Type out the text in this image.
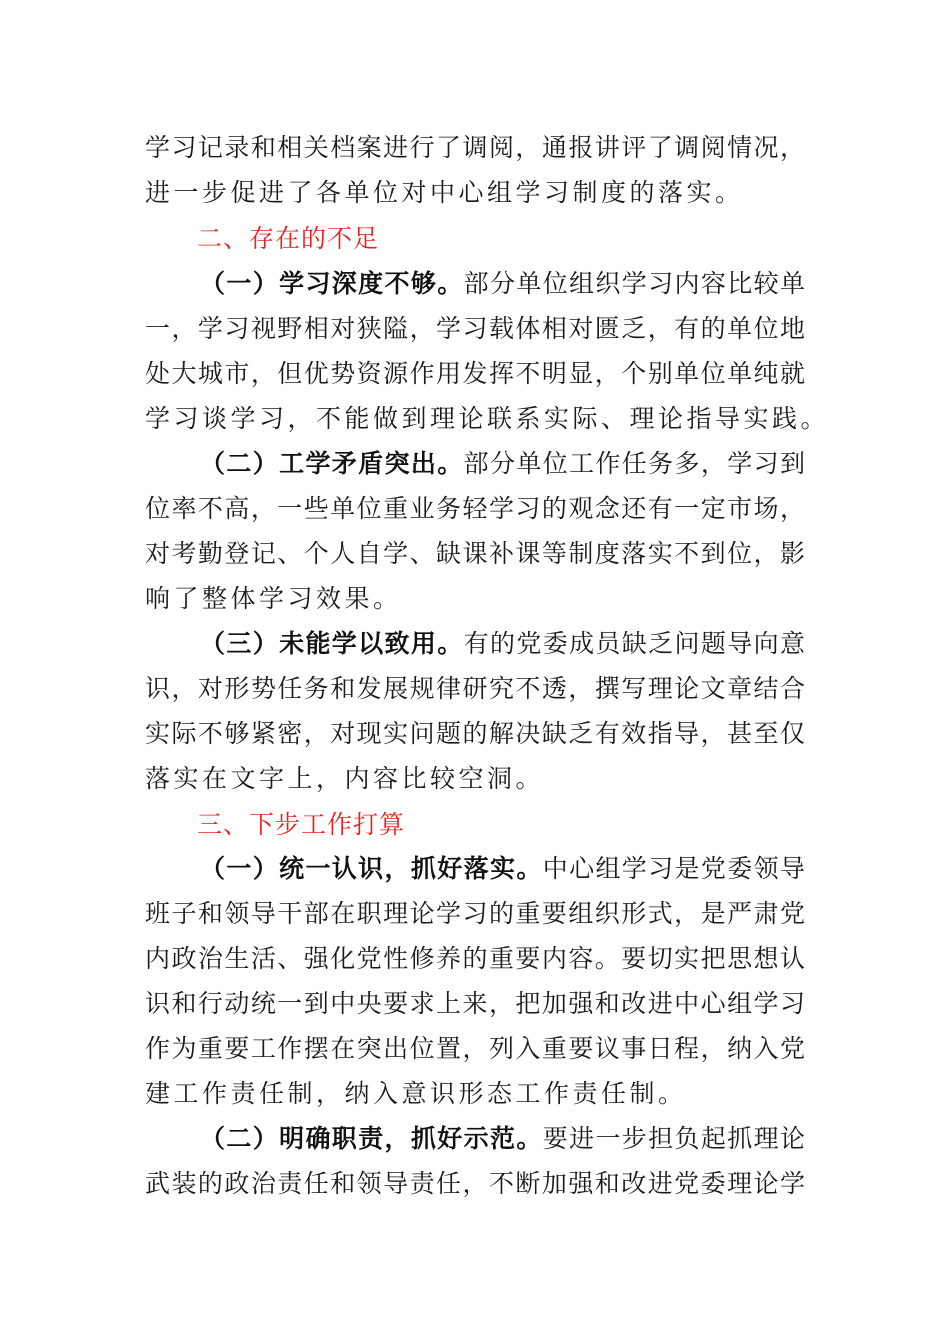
学习记录和相关档案进行了调阅，通报讲评了调阅情况，
进一步促进了各单位对中心组学习制度的落实。
二、存在的不足
（一）学习深度不够。部分单位组织学习内容比较单
一，学习视野相对狭隘，学习载体相对匮乏，有的单位地
处大城市，但优势资源作用发挥不明显，个别单位单纯就
学习谈学习，不能做到理论联系实际、理论指导实践。
（二）工学矛盾突出。部分单位工作任务多，学习到
位率不高，一些单位重业务轻学习的观念还有一定市场，
对考勤登记、个人自学、缺课补课等制度落实不到位，影
响了整体学习效果。
（三）未能学以致用。有的党委成员缺乏问题导向意
识，对形势任务和发展规律研究不透，撰写理论文章结合
实际不够紧密，对现实问题的解决缺乏有效指导，甚至仅
落实在文字上，内容比较空洞。
三、下步工作打算
（一）统一认识，抓好落实。中心组学习是党委领导
班子和领导干部在职理论学习的重要组织形式，是严肃党
内政治生活、强化党性修养的重要内容。要切实把思想认
识和行动统一到中央要求上来，把加强和改进中心组学习
作为重要工作摆在突出位置，列入重要议事日程，纳入党
建工作责任制，纳入意识形态工作责任制。
（二）明确职责，抓好示范。要进一步担负起抓理论
武装的政治责任和领导责任，不断加强和改进党委理论学
